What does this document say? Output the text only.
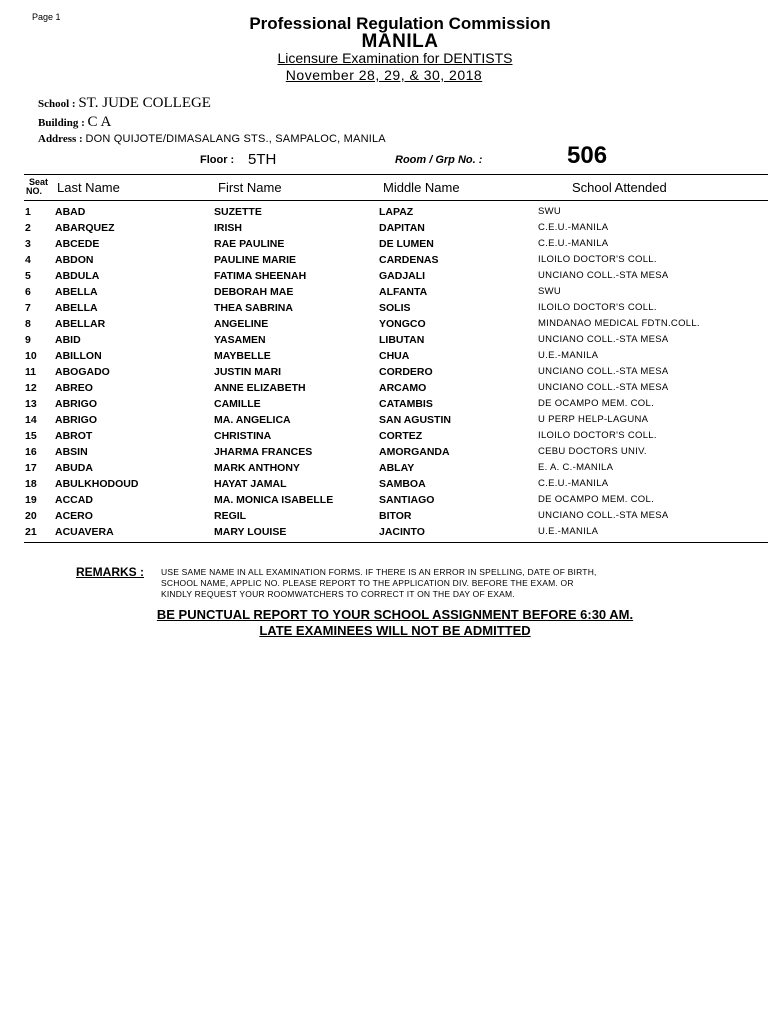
Page 1	Professional Regulation Commission
MANILA
Licensure Examination for DENTISTS
November 28, 29, & 30, 2018
School : ST. JUDE COLLEGE
Building : C A
Address : DON QUIJOTE/DIMASALANG STS., SAMPALOC, MANILA
Floor : 5TH	Room / Grp No. :	506
Seat
NO.	Last Name	First Name	Middle Name	School Attended
1 ABAD	SUZETTE	LAPAZ	SWU
2 ABARQUEZ	IRISH	DAPITAN	C.E.U.-MANILA
3 ABCEDE	RAE PAULINE	DE LUMEN	C.E.U.-MANILA
4 ABDON	PAULINE MARIE	CARDENAS	ILOILO DOCTOR'S COLL.
5 ABDULA	FATIMA SHEENAH	GADJALI	UNCIANO COLL.-STA MESA
6 ABELLA	DEBORAH MAE	ALFANTA	SWU
7 ABELLA	THEA SABRINA	SOLIS	ILOILO DOCTOR'S COLL.
8 ABELLAR	ANGELINE	YONGCO	MINDANAO MEDICAL FDTN.COLL.
9 ABID	YASAMEN	LIBUTAN	UNCIANO COLL.-STA MESA
10 ABILLON	MAYBELLE	CHUA	U.E.-MANILA
11 ABOGADO	JUSTIN MARI	CORDERO	UNCIANO COLL.-STA MESA
12 ABREO	ANNE ELIZABETH	ARCAMO	UNCIANO COLL.-STA MESA
13 ABRIGO	CAMILLE	CATAMBIS	DE OCAMPO MEM. COL.
14 ABRIGO	MA. ANGELICA	SAN AGUSTIN	U PERP HELP-LAGUNA
15 ABROT	CHRISTINA	CORTEZ	ILOILO DOCTOR'S COLL.
16 ABSIN	JHARMA FRANCES	AMORGANDA	CEBU DOCTORS UNIV.
17 ABUDA	MARK ANTHONY	ABLAY	E. A. C.-MANILA
18 ABULKHODOUD	HAYAT JAMAL	SAMBOA	C.E.U.-MANILA
19 ACCAD	MA. MONICA ISABELLE	SANTIAGO	DE OCAMPO MEM. COL.
20 ACERO	REGIL	BITOR	UNCIANO COLL.-STA MESA
21 ACUAVERA	MARY LOUISE	JACINTO	U.E.-MANILA
REMARKS : USE SAME NAME IN ALL EXAMINATION FORMS. IF THERE IS AN ERROR IN SPELLING, DATE OF BIRTH,
SCHOOL NAME, APPLIC NO. PLEASE REPORT TO THE APPLICATION DIV. BEFORE THE EXAM. OR
KINDLY REQUEST YOUR ROOMWATCHERS TO CORRECT IT ON THE DAY OF EXAM.
BE PUNCTUAL REPORT TO YOUR SCHOOL ASSIGNMENT BEFORE 6:30 AM.
LATE EXAMINEES WILL NOT BE ADMITTED
